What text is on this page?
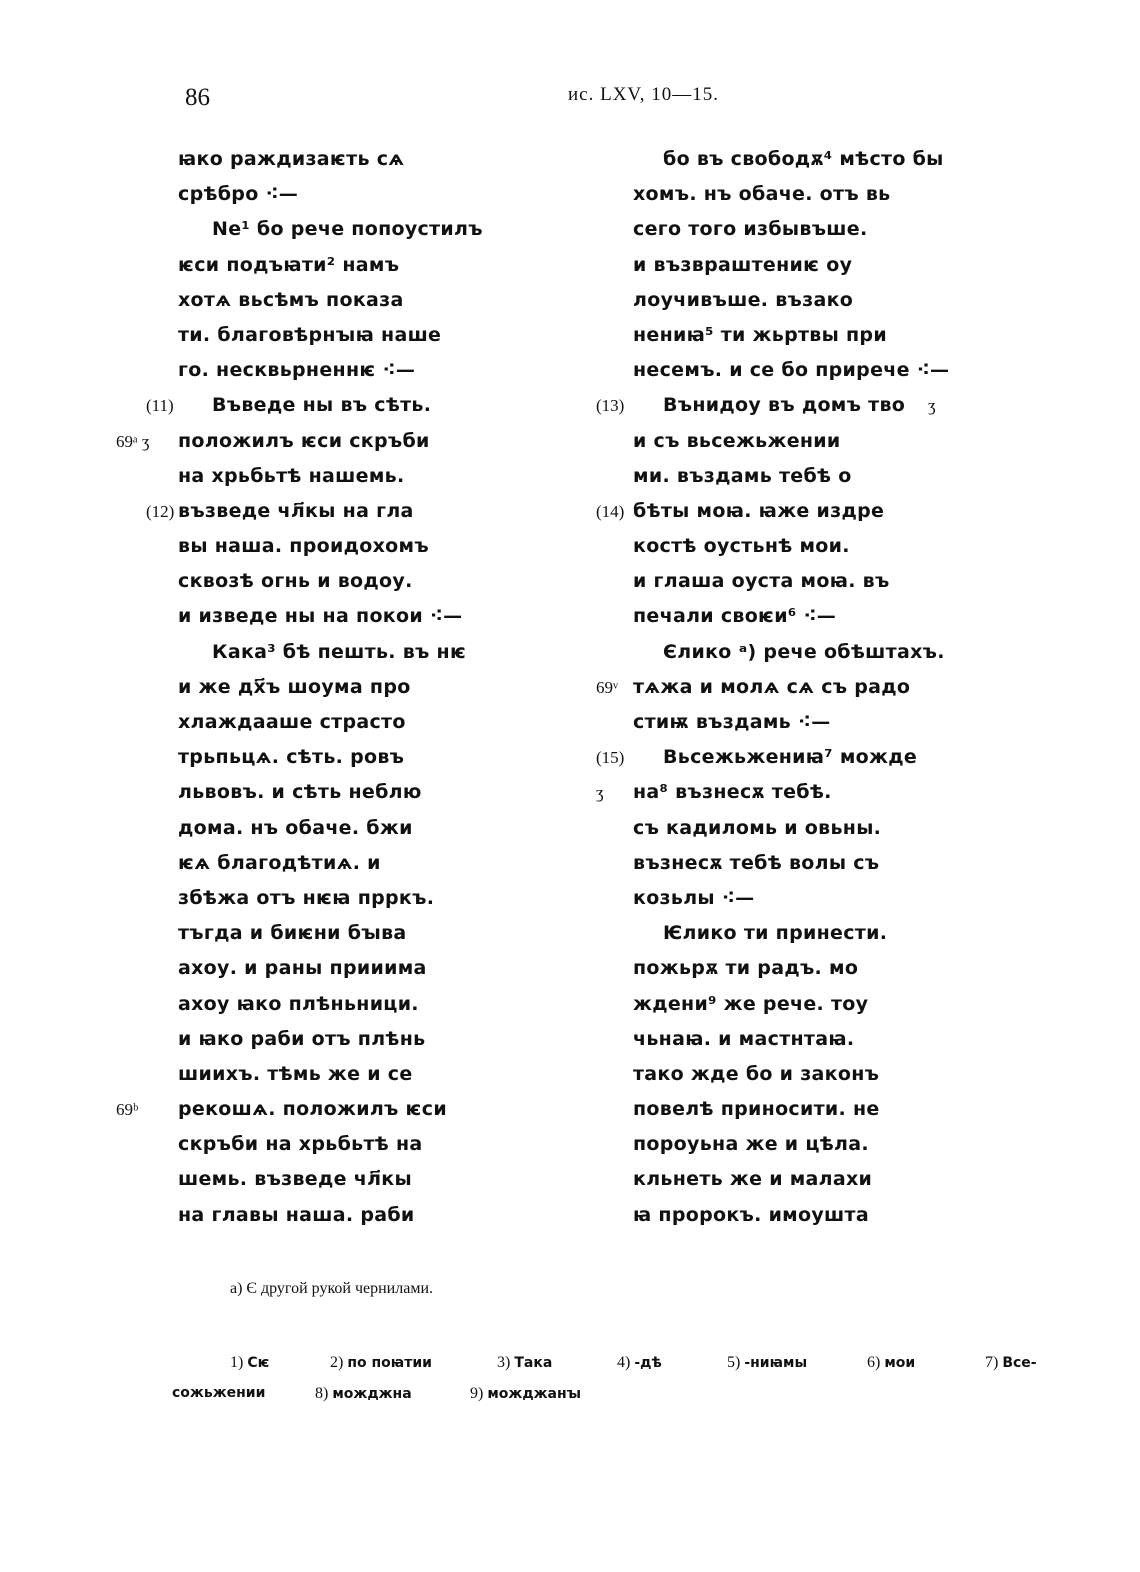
86	ис. LXV, 10—15.
ꙗко раждизаѥть сѧ
срѣбро ⁖—
Ne¹ бо рече попоустилъ
ѥси подъꙗти² намъ
хотѧ вьсѣмъ показа
ти. благовѣрнꙑꙗ наше
го. несквьрненнѥ ⁖—
(11) Въведе ны въ сѣть.
69ᵃ ʒ положилъ ѥси скръби
на хрьбьтѣ нашемь.
(12) възведе чл҃кы на гла
вы наша. проидохомъ
сквозѣ огнь и водоу.
и изведе ны на покои ⁖—
Кака³ бѣ пешть. въ нѥ
и же дх҃ъ шоума про
хлаждааше страсто
трьпьцѧ. сѣть. ровъ
львовъ. и сѣть неблю
дома. нъ обаче. бжи
ѥѧ благодѣтиѧ. и
збѣжа отъ нѥꙗ прркъ.
тъгда и биѥни бꙑва
ахоу. и раны прииима
ахоу ꙗко плѣньници.
и ꙗко раби отъ плѣнь
шиихъ. тѣмь же и се
69ᵇ рекошѧ. положилъ ѥси
скръби на хрьбьтѣ на
шемь. възведе чл҃кы
на главы наша. раби
бо въ свободѫ⁴ мѣсто бы
хомъ. нъ обаче. отъ вь
сего того избывъше.
и възвраштениѥ оу
лоучивъше. възако
нениꙗ⁵ ти жьртвы при
несемъ. и се бо прирече ⁖—
(13) Вънидоу въ домъ тво ʒ
и съ вьсежьжении
ми. въздамь тебѣ о
(14) бѣты моꙗ. ꙗже издре
костѣ оустьнѣ мои.
и глаша оуста моꙗ. въ
печали своѥи⁶ ⁖—
Єлико ᵃ) рече обѣштахъ.
69ᵛ тѧжа и молѧ сѧ съ радо
стиѭ въздамь ⁖—
(15) Вьсежьжениꙗ⁷ можде
ʒ на⁸ възнесѫ тебѣ.
съ кадиломь и овьны.
възнесѫ тебѣ волы съ
козьлы ⁖—
Ѥлико ти принести.
пожьрѫ ти радъ. мо
ждени⁹ же рече. тоу
чьнаꙗ. и мастнтаꙗ.
тако жде бо и законъ
повелѣ приносити. не
пороуьна же и цѣла.
кльнеть же и малахи
ꙗ пророкъ. имоушта
а) Є другой рукой чернилами.
1) Сѥ	2) по поꙗтии	3) Така	4) -дѣ	5) -ниꙗмы	6) мои	7) Все-
сожьжении	8) можджна	9) можджанꙑ
